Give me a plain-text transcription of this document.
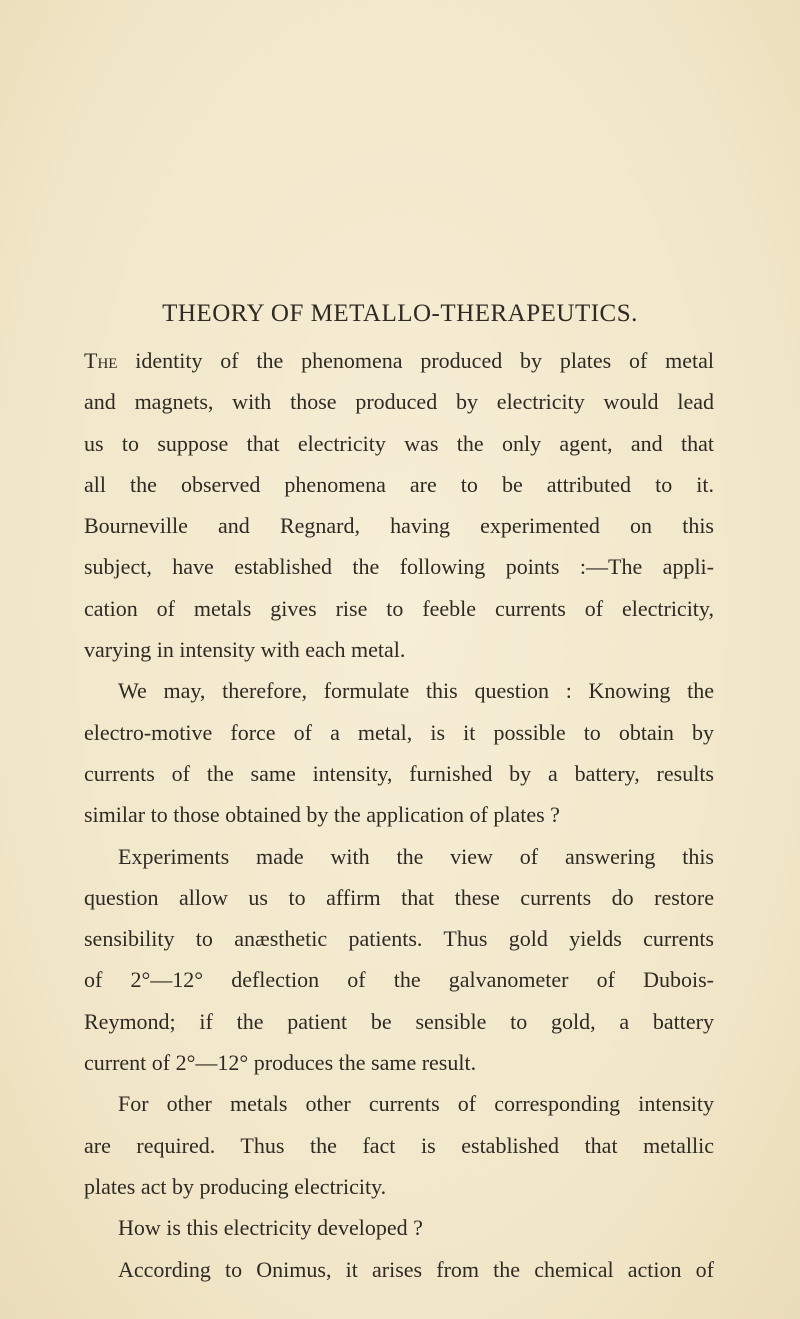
THEORY OF METALLO-THERAPEUTICS.
The identity of the phenomena produced by plates of metal
and magnets, with those produced by electricity would lead
us to suppose that electricity was the only agent, and that
all the observed phenomena are to be attributed to it.
Bourneville and Regnard, having experimented on this
subject, have established the following points :—The appli-
cation of metals gives rise to feeble currents of electricity,
varying in intensity with each metal.
We may, therefore, formulate this question : Knowing the
electro-motive force of a metal, is it possible to obtain by
currents of the same intensity, furnished by a battery, results
similar to those obtained by the application of plates ?
Experiments made with the view of answering this
question allow us to affirm that these currents do restore
sensibility to anæsthetic patients. Thus gold yields currents
of 2°—12° deflection of the galvanometer of Dubois-
Reymond; if the patient be sensible to gold, a battery
current of 2°—12° produces the same result.
For other metals other currents of corresponding intensity
are required. Thus the fact is established that metallic
plates act by producing electricity.
How is this electricity developed ?
According to Onimus, it arises from the chemical action of
